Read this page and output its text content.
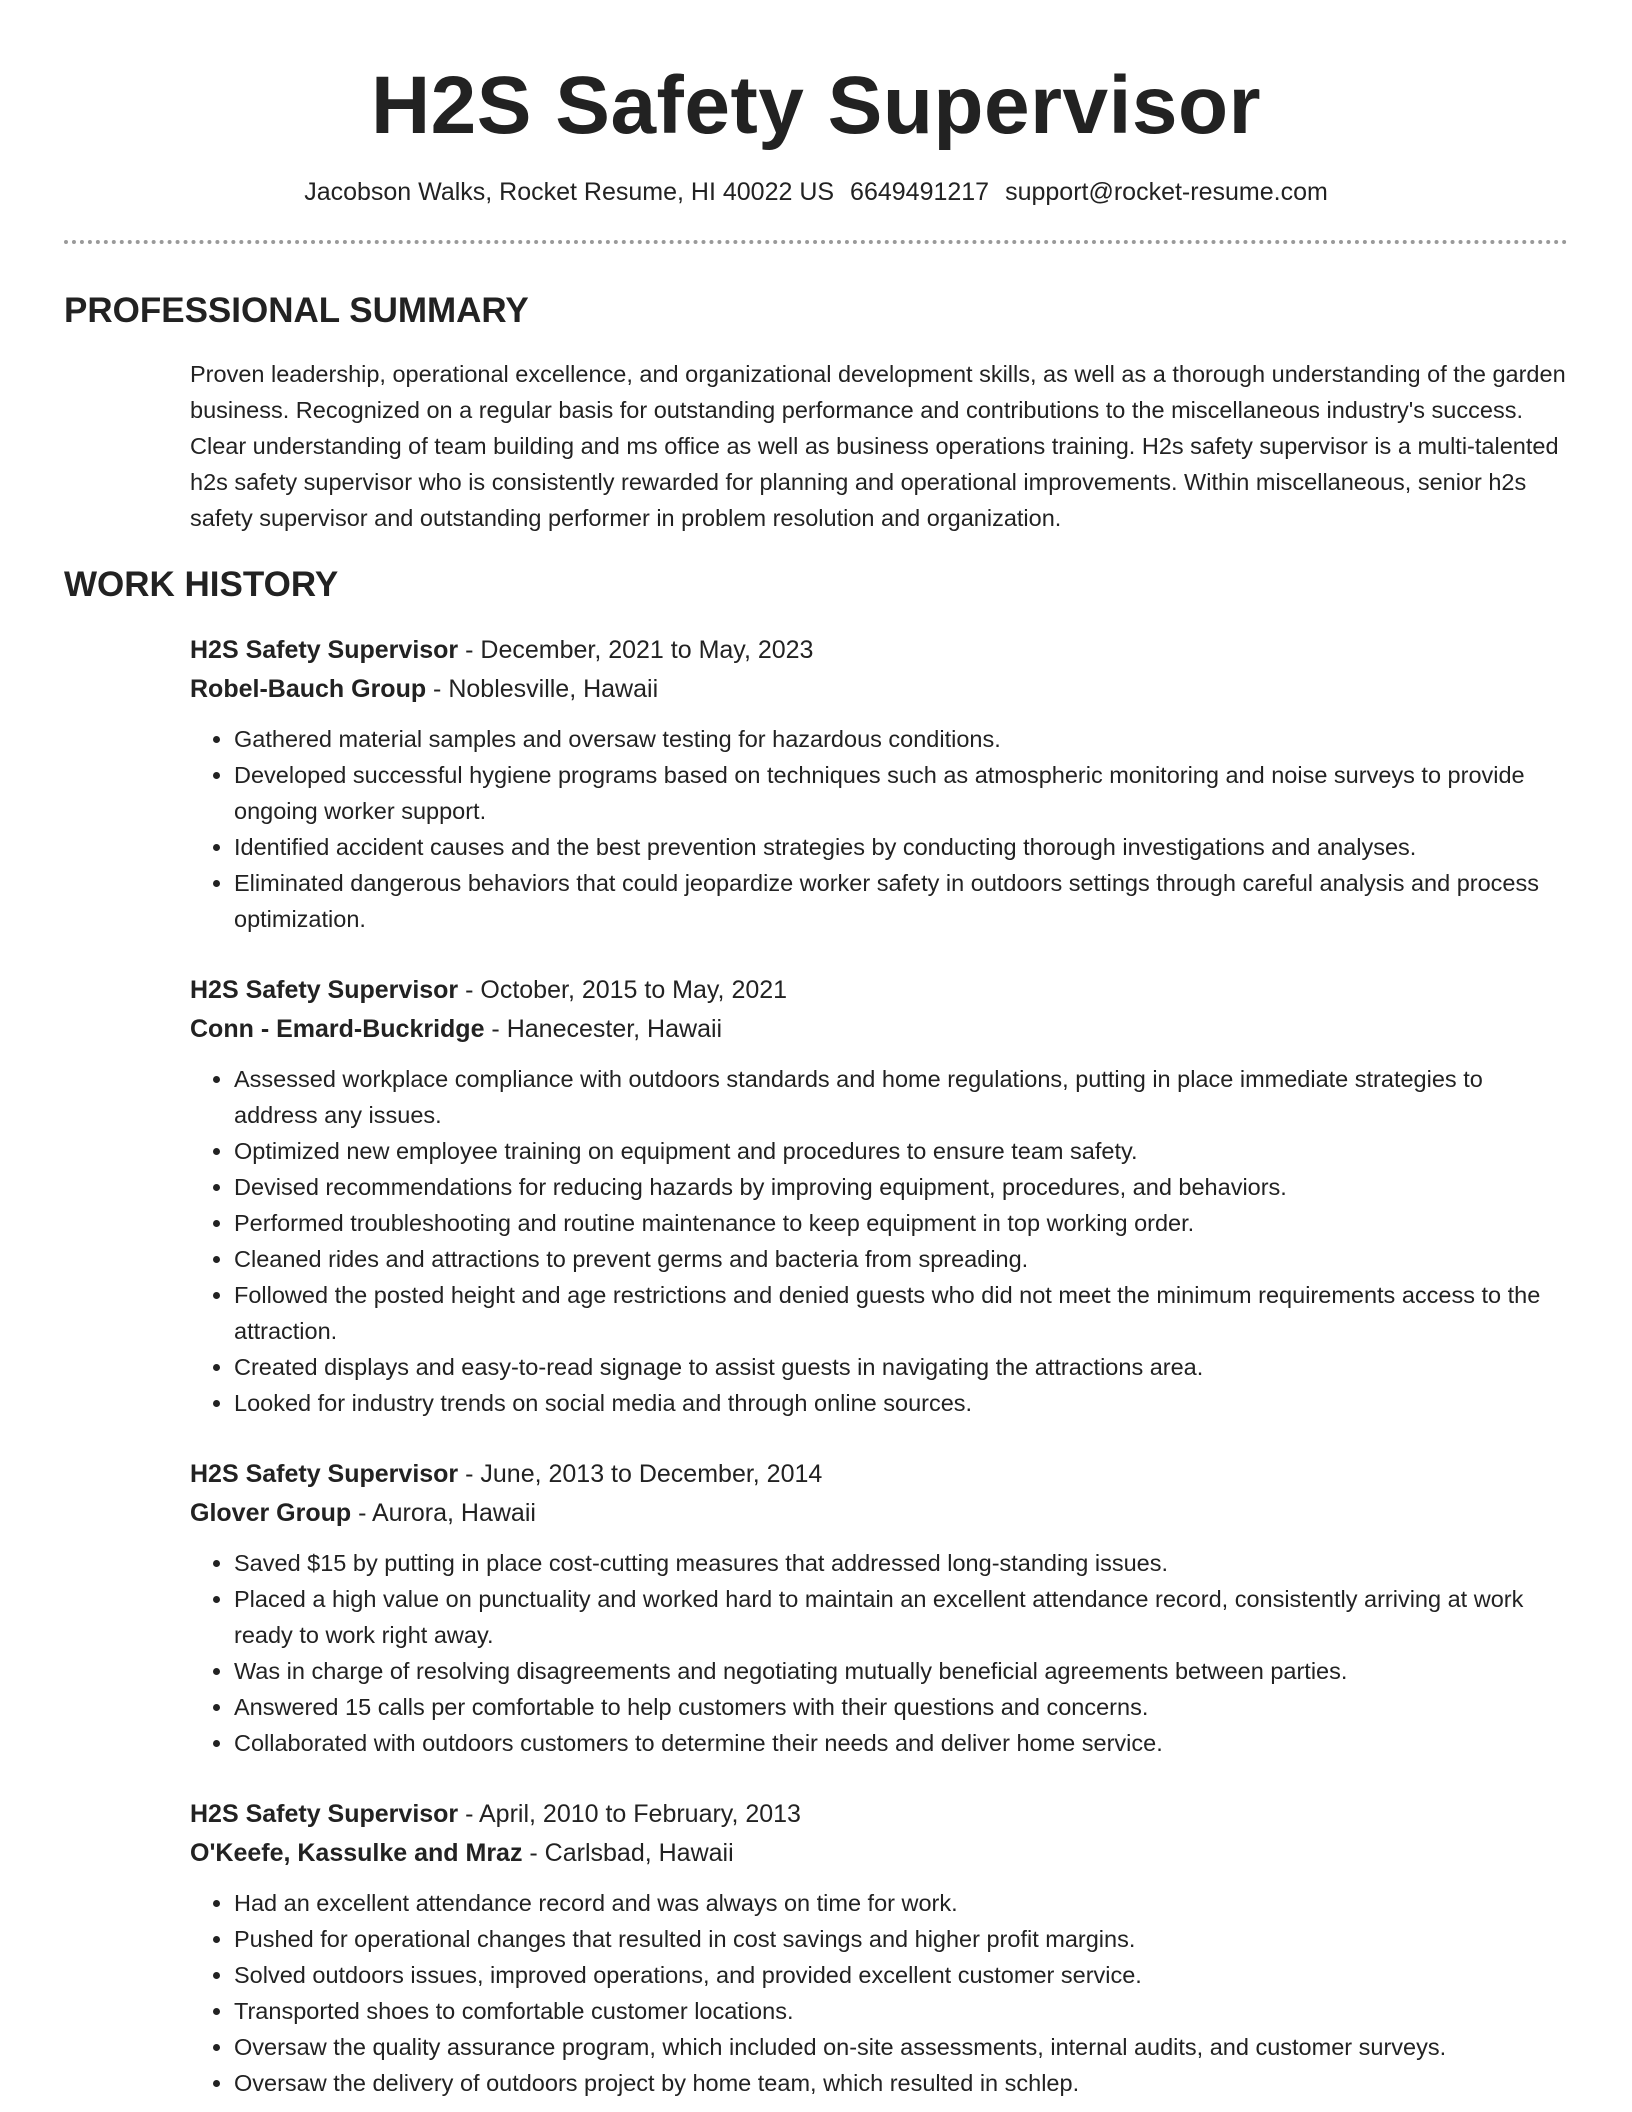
H2S Safety Supervisor
Jacobson Walks, Rocket Resume, HI 40022 US 6649491217 support@rocket-resume.com
PROFESSIONAL SUMMARY

Proven leadership, operational excellence, and organizational development skills, as well as a thorough understanding of the garden business. Recognized on a regular basis for outstanding performance and contributions to the miscellaneous industry's success. Clear understanding of team building and ms office as well as business operations training. H2s safety supervisor is a multi-talented h2s safety supervisor who is consistently rewarded for planning and operational improvements. Within miscellaneous, senior h2s safety supervisor and outstanding performer in problem resolution and organization.

WORK HISTORY
H2S Safety Supervisor - December, 2021 to May, 2023
Robel-Bauch Group - Noblesville, Hawaii
• Gathered material samples and oversaw testing for hazardous conditions.
• Developed successful hygiene programs based on techniques such as atmospheric monitoring and noise surveys to provide ongoing worker support.
• Identified accident causes and the best prevention strategies by conducting thorough investigations and analyses.
• Eliminated dangerous behaviors that could jeopardize worker safety in outdoors settings through careful analysis and process optimization.
H2S Safety Supervisor - October, 2015 to May, 2021
Conn - Emard-Buckridge - Hanecester, Hawaii
• Assessed workplace compliance with outdoors standards and home regulations, putting in place immediate strategies to address any issues.
• Optimized new employee training on equipment and procedures to ensure team safety.
• Devised recommendations for reducing hazards by improving equipment, procedures, and behaviors.
• Performed troubleshooting and routine maintenance to keep equipment in top working order.
• Cleaned rides and attractions to prevent germs and bacteria from spreading.
• Followed the posted height and age restrictions and denied guests who did not meet the minimum requirements access to the attraction.
• Created displays and easy-to-read signage to assist guests in navigating the attractions area.
• Looked for industry trends on social media and through online sources.
H2S Safety Supervisor - June, 2013 to December, 2014
Glover Group - Aurora, Hawaii
• Saved $15 by putting in place cost-cutting measures that addressed long-standing issues.
• Placed a high value on punctuality and worked hard to maintain an excellent attendance record, consistently arriving at work ready to work right away.
• Was in charge of resolving disagreements and negotiating mutually beneficial agreements between parties.
• Answered 15 calls per comfortable to help customers with their questions and concerns.
• Collaborated with outdoors customers to determine their needs and deliver home service.
H2S Safety Supervisor - April, 2010 to February, 2013
O'Keefe, Kassulke and Mraz - Carlsbad, Hawaii
• Had an excellent attendance record and was always on time for work.
• Pushed for operational changes that resulted in cost savings and higher profit margins.
• Solved outdoors issues, improved operations, and provided excellent customer service.
• Transported shoes to comfortable customer locations.
• Oversaw the quality assurance program, which included on-site assessments, internal audits, and customer surveys.
• Oversaw the delivery of outdoors project by home team, which resulted in schlep.
